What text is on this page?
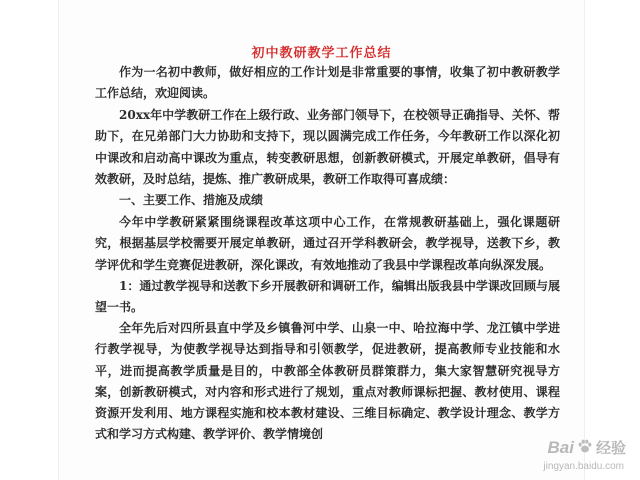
初中教研教学工作总结
作为一名初中教师，做好相应的工作计划是非常重要的事情，收集了初中教研教学工作总结，欢迎阅读。
20xx年中学教研工作在上级行政、业务部门领导下，在校领导正确指导、关怀、帮助下，在兄弟部门大力协助和支持下，现以圆满完成工作任务，今年教研工作以深化初中课改和启动高中课改为重点，转变教研思想，创新教研模式，开展定单教研，倡导有效教研，及时总结，提炼、推广教研成果，教研工作取得可喜成绩：
一、主要工作、措施及成绩
今年中学教研紧紧围绕课程改革这项中心工作，在常规教研基础上，强化课题研究，根据基层学校需要开展定单教研，通过召开学科教研会，教学视导，送教下乡，教学评优和学生竞赛促进教研，深化课改，有效地推动了我县中学课程改革向纵深发展。
1：通过教学视导和送教下乡开展教研和调研工作，编辑出版我县中学课改回顾与展望一书。
全年先后对四所县直中学及乡镇鲁河中学、山泉一中、哈拉海中学、龙江镇中学进行教学视导，为使教学视导达到指导和引领教学，促进教研，提高教师专业技能和水平，进而提高教学质量是目的，中教部全体教研员群策群力，集大家智慧研究视导方案，创新教研模式，对内容和形式进行了规划，重点对教师课标把握、教材使用、课程资源开发利用、地方课程实施和校本教材建设、三维目标确定、教学设计理念、教学方式和学习方式构建、教学评价、教学情境创
Bai 经验
jingyan.baidu.com
